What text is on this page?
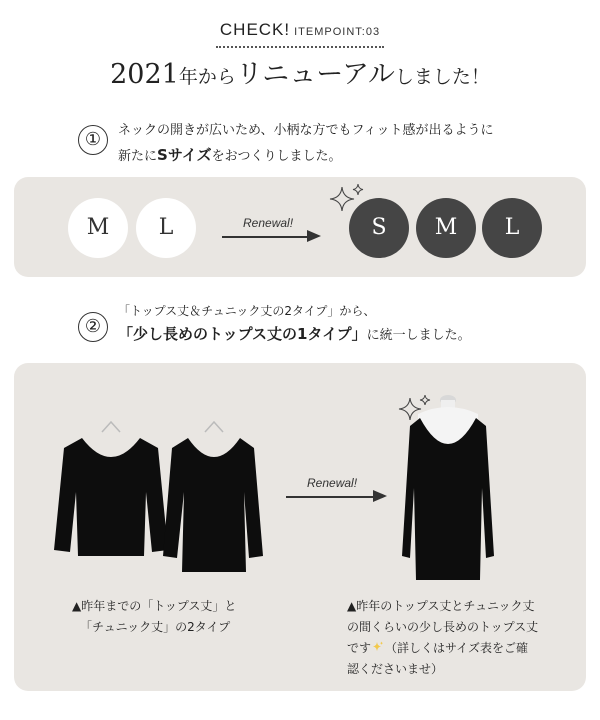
CHECK! ITEMPOINT:03
2021年からリニューアルしました！
①	ネックの開きが広いため、小柄な方でもフィット感が出るように
新たにSサイズをおつくりしました。
M	L	Renewal!	S	M	L
②
「トップス丈＆チュニック丈の2タイプ」から、
「少し長めのトップス丈の1タイプ」に統一しました。
Renewal!
▲昨年までの「トップス丈」と
「チュニック丈」の2タイプ
▲昨年のトップス丈とチュニック丈
の間くらいの少し長めのトップス丈
です （詳しくはサイズ表をご確
認くださいませ）
